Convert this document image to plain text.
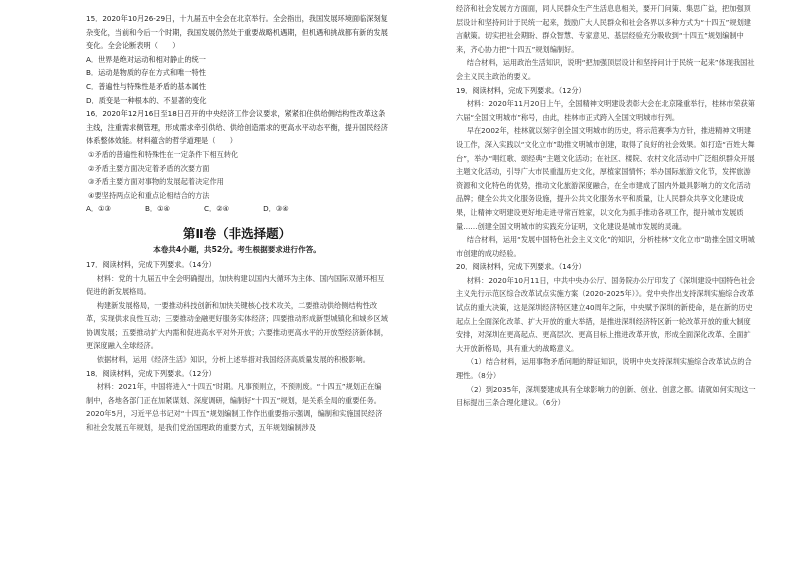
15．2020年10月26-29日，十九届五中全会在北京举行。全会指出，我国发展环境面临深刻复杂变化，当前和今后一个时期，我国发展仍然处于重要战略机遇期，但机遇和挑战都有新的发展变化。全会论断表明（　　）

A．世界是绝对运动和相对静止的统一

B．运动是物质的存在方式和唯一特性

C．普遍性与特殊性是矛盾的基本属性

D．质变是一种根本的、不显著的变化

16．2020年12月16日至18日召开的中央经济工作会议要求，紧紧扣住供给侧结构性改革这条主线，注重需求侧管理，形成需求牵引供给、供给创造需求的更高水平动态平衡，提升国民经济体系整体效能。材料蕴含的哲学道理是（　　）

①矛盾的普遍性和特殊性在一定条件下相互转化

②矛盾主要方面决定着矛盾的次要方面

③矛盾主要方面对事物的发展起着决定作用

④要坚持两点论和重点论相结合的方法

A．①③	B．①④	C．②④	D．③④
第Ⅱ卷（非选择题）
本卷共4小题，共52分。考生根据要求进行作答。

17．阅读材料，完成下列要求。（14分）

材料：党的十九届五中全会明确提出，加快构建以国内大循环为主体、国内国际双循环相互促进的新发展格局。

构建新发展格局，一要推动科技创新和加快关键核心技术攻关，二要推动供给侧结构性改革，实现供求良性互动；三要推动金融更好服务实体经济；四要推动形成新型城镇化和城乡区域协调发展；五要推动扩大内需和促进高水平对外开放；六要推动更高水平的开放型经济新体制，更深度融入全球经济。

依据材料，运用《经济生活》知识，分析上述举措对我国经济高质量发展的积极影响。

18．阅读材料，完成下列要求。（12分）

材料：2021年，中国将进入“十四五”时期。凡事预则立，不预则废。“十四五”规划正在编制中，各地各部门正在加紧谋划、深度调研，编制好“十四五”规划，是关系全局的重要任务。2020年5月，习近平总书记对“十四五”规划编制工作作出重要指示强调，编制和实施国民经济和社会发展五年规划，是我们党治国理政的重要方式，五年规划编制涉及

经济和社会发展方方面面，同人民群众生产生活息息相关，要开门问策、集思广益，把加强顶层设计和坚持问计于民统一起来，鼓励广大人民群众和社会各界以多种方式为“十四五”规划建言献策。切实把社会期盼、群众智慧、专家意见、基层经验充分吸收到“十四五”规划编制中来，齐心协力把“十四五”规划编制好。

结合材料，运用政治生活知识，说明“把加强顶层设计和坚持问计于民统一起来”体现我国社会主义民主政治的要义。

19．阅读材料，完成下列要求。（12分）

材料：2020年11月20日上午，全国精神文明建设表彰大会在北京隆重举行，桂林市荣获第六届“全国文明城市”称号，由此，桂林市正式跨入全国文明城市行列。

早在2002年，桂林就以刻字创全国文明城市的历史，将示范赛季为方针，推进精神文明建设工作，深入实践以“文化立市”助推文明城市创建，取得了良好的社会效果。如打造“百姓大舞台”，举办“唱红歌、颂经典”主题文化活动；在社区、楼院、农村文化活动中广泛组织群众开展主题文化活动，引导广大市民重温历史文化，厚植家国情怀；举办国际旅游文化节，发挥旅游资源和文化特色的优势，推动文化旅游深度融合，在全市建成了国内外最具影响力的文化活动品牌；健全公共文化服务设施，提升公共文化服务水平和质量，让人民群众共享文化建设成果，让精神文明建设更好地走进寻常百姓家，以文化为抓手推动各项工作，提升城市发展质量……创建全国文明城市的实践充分证明，文化建设是城市发展的灵魂。

结合材料，运用“发展中国特色社会主义文化”的知识，分析桂林“文化立市”助推全国文明城市创建的成功经验。

20．阅读材料，完成下列要求。（14分）

材料：2020年10月11日，中共中央办公厅、国务院办公厅印发了《深圳建设中国特色社会主义先行示范区综合改革试点实施方案（2020-2025年）》。党中央作出支持深圳实施综合改革试点的重大决策，这是深圳经济特区建立40周年之际，中央赋予深圳的新使命，是在新的历史起点上全面深化改革、扩大开放的重大举措，是推进深圳经济特区新一轮改革开放的重大制度安排，对深圳在更高起点、更高层次、更高目标上推进改革开放，形成全面深化改革、全面扩大开放新格局，具有重大的战略意义。

（1）结合材料，运用事物矛盾问题的辩证知识，说明中央支持深圳实施综合改革试点的合理性。（8分）

（2）到2035年，深圳要建成具有全球影响力的创新、创业、创意之都。请就如何实现这一目标提出三条合理化建议。（6分）
